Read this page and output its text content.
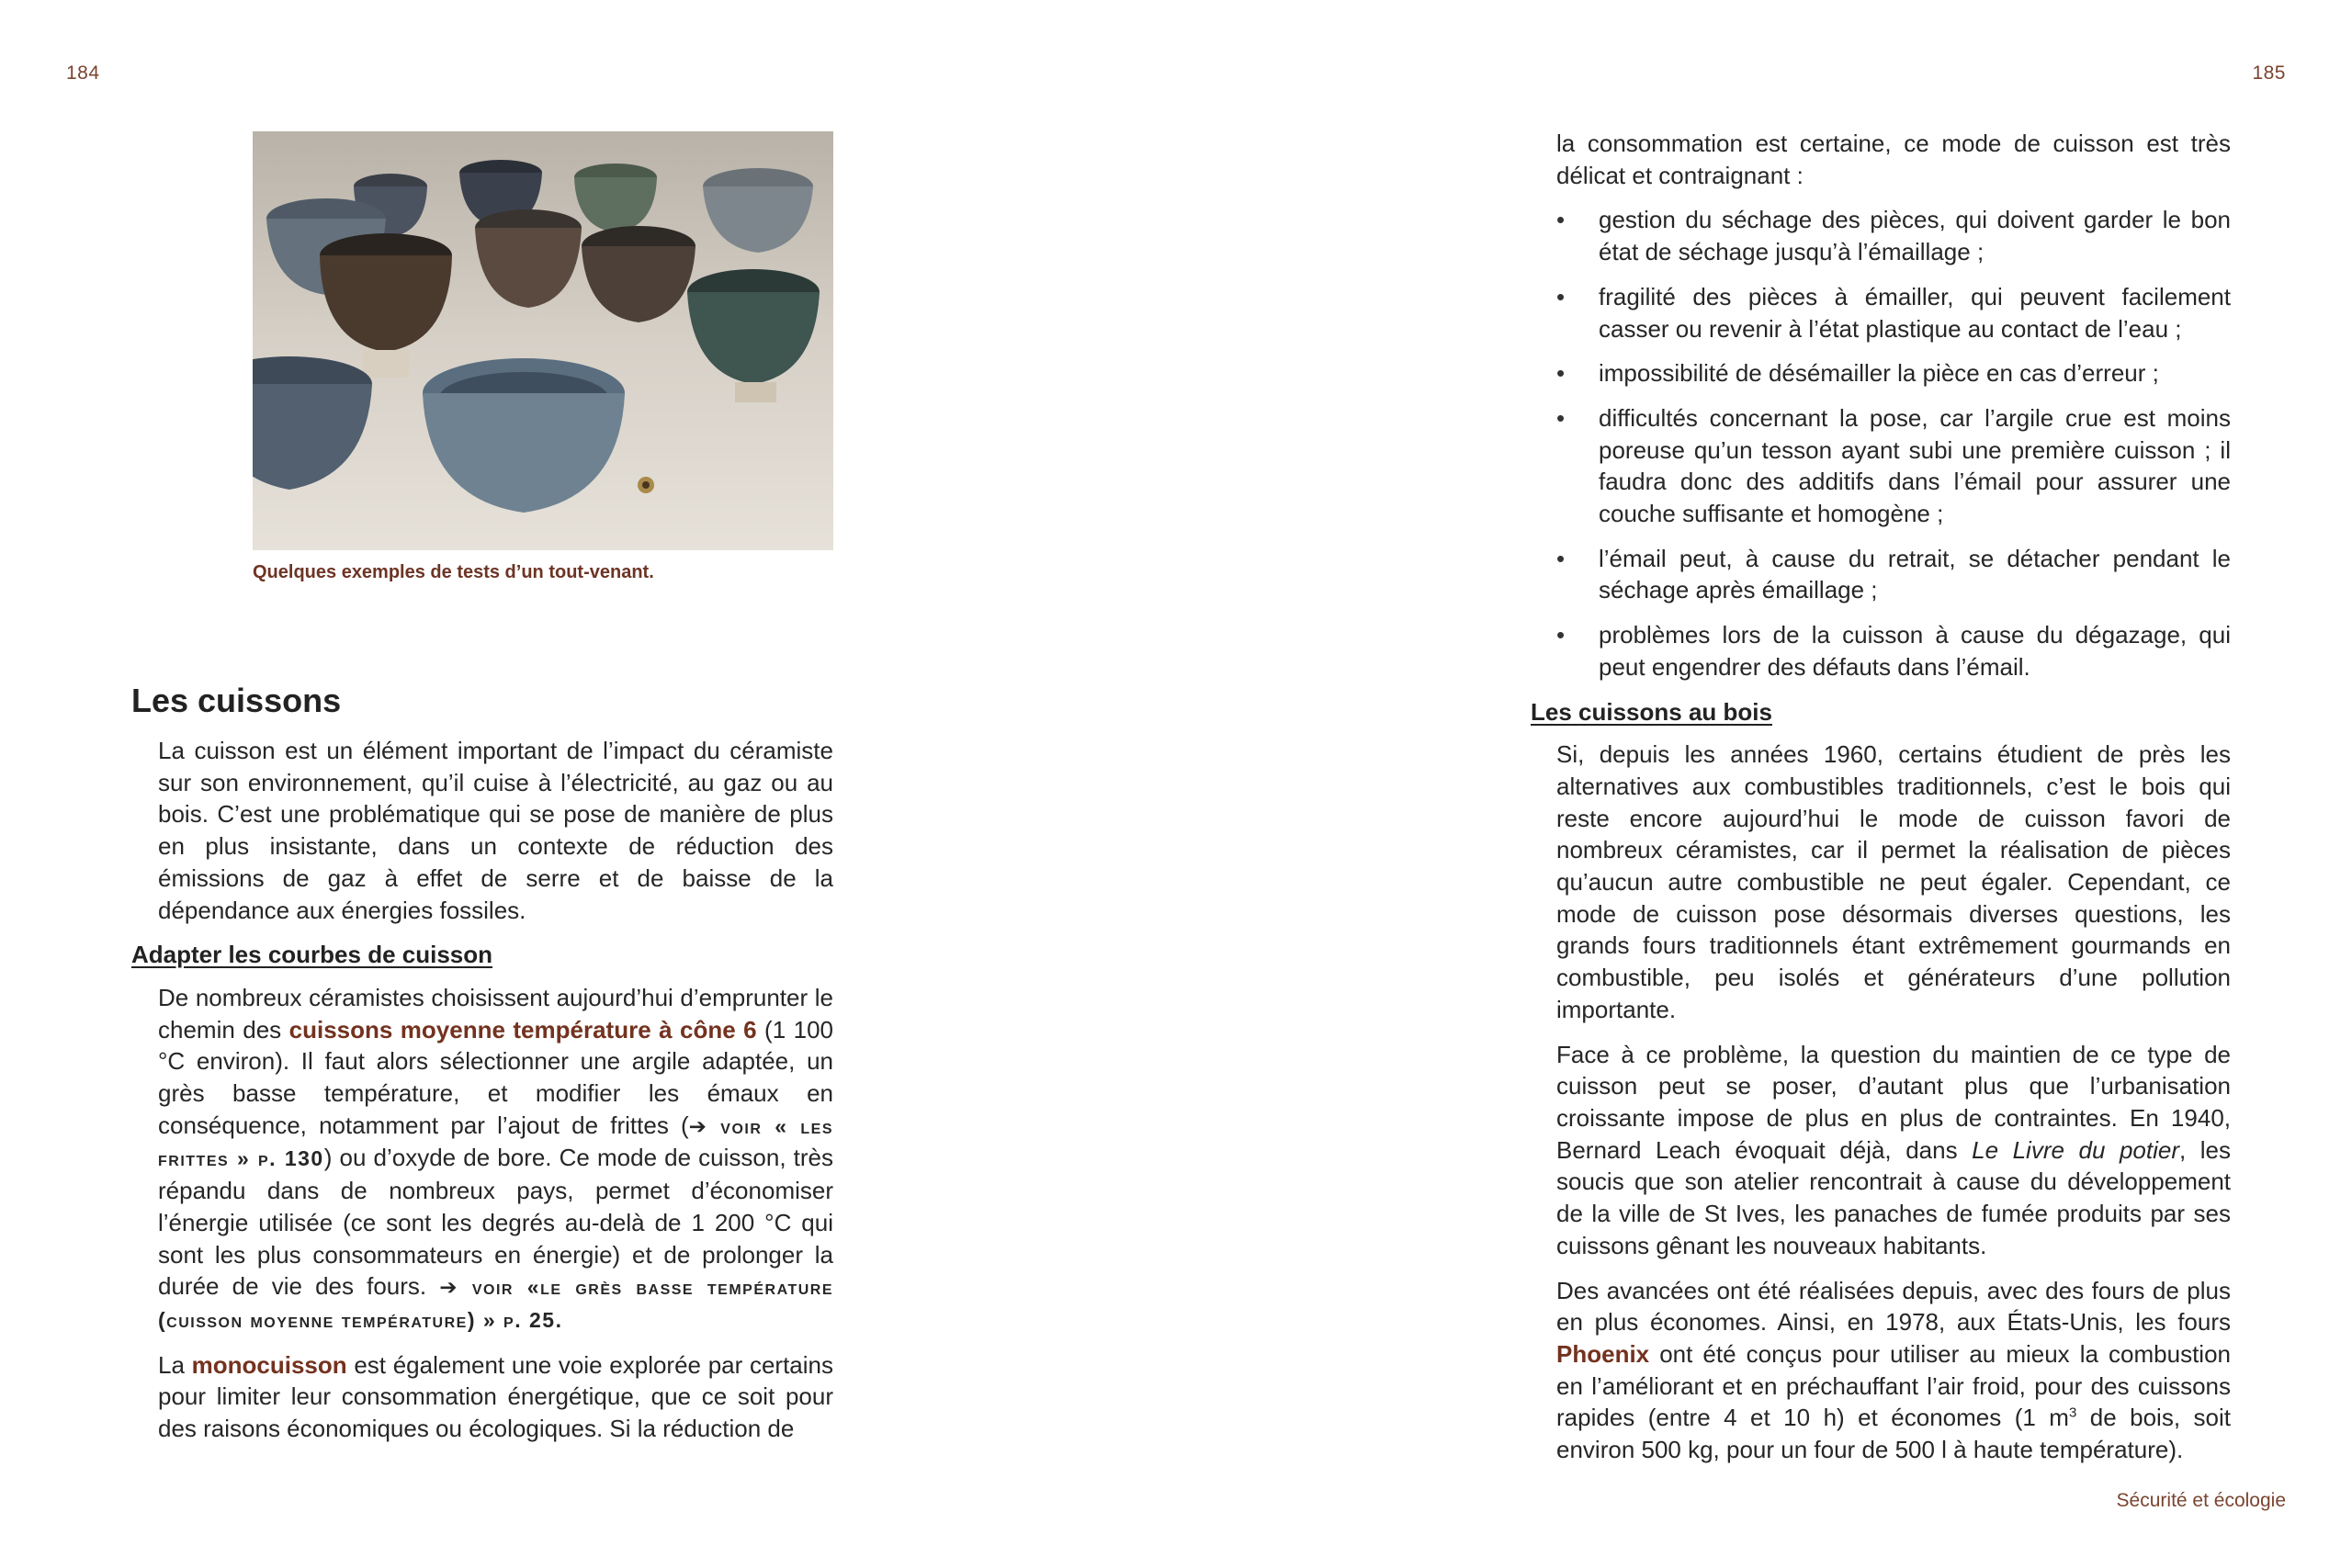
184
Quelques exemples de tests d’un tout-venant.
Les cuissons

La cuisson est un élément important de l’impact du céramiste sur son environnement, qu’il cuise à l’électricité, au gaz ou au bois. C’est une problématique qui se pose de manière de plus en plus insistante, dans un contexte de réduction des émissions de gaz à effet de serre et de baisse de la dépendance aux énergies fossiles.

Adapter les courbes de cuisson

De nombreux céramistes choisissent aujourd’hui d’emprunter le chemin des cuissons moyenne température à cône 6 (1 100 °C environ). Il faut alors sélectionner une argile adaptée, un grès basse température, et modifier les émaux en conséquence, notamment par l’ajout de frittes (➔ voir « les frittes » p. 130) ou d’oxyde de bore. Ce mode de cuisson, très répandu dans de nombreux pays, permet d’économiser l’énergie utilisée (ce sont les degrés au-delà de 1 200 °C qui sont les plus consommateurs en énergie) et de prolonger la durée de vie des fours. ➔ voir «le grès basse température (cuisson moyenne température) » p. 25.

La monocuisson est également une voie explorée par certains pour limiter leur consommation énergétique, que ce soit pour des raisons économiques ou écologiques. Si la réduction de

185
Sécurité et écologie

la consommation est certaine, ce mode de cuisson est très délicat et contraignant :

• gestion du séchage des pièces, qui doivent garder le bon état de séchage jusqu’à l’émaillage ;
• fragilité des pièces à émailler, qui peuvent facilement casser ou revenir à l’état plastique au contact de l’eau ;
• impossibilité de désémailler la pièce en cas d’erreur ;
• difficultés concernant la pose, car l’argile crue est moins poreuse qu’un tesson ayant subi une première cuisson ; il faudra donc des additifs dans l’émail pour assurer une couche suffisante et homogène ;
• l’émail peut, à cause du retrait, se détacher pendant le séchage après émaillage ;
• problèmes lors de la cuisson à cause du dégazage, qui peut engendrer des défauts dans l’émail.
Les cuissons au bois

Si, depuis les années 1960, certains étudient de près les alternatives aux combustibles traditionnels, c’est le bois qui reste encore aujourd’hui le mode de cuisson favori de nombreux céramistes, car il permet la réalisation de pièces qu’aucun autre combustible ne peut égaler. Cependant, ce mode de cuisson pose désormais diverses questions, les grands fours traditionnels étant extrêmement gourmands en combustible, peu isolés et générateurs d’une pollution importante.

Face à ce problème, la question du maintien de ce type de cuisson peut se poser, d’autant plus que l’urbanisation croissante impose de plus en plus de contraintes. En 1940, Bernard Leach évoquait déjà, dans Le Livre du potier, les soucis que son atelier rencontrait à cause du développement de la ville de St Ives, les panaches de fumée produits par ses cuissons gênant les nouveaux habitants.

Des avancées ont été réalisées depuis, avec des fours de plus en plus économes. Ainsi, en 1978, aux États-Unis, les fours Phoenix ont été conçus pour utiliser au mieux la combustion en l’améliorant et en préchauffant l’air froid, pour des cuissons rapides (entre 4 et 10 h) et économes (1 $m^3$ de bois, soit environ 500 kg, pour un four de 500 l à haute température).
